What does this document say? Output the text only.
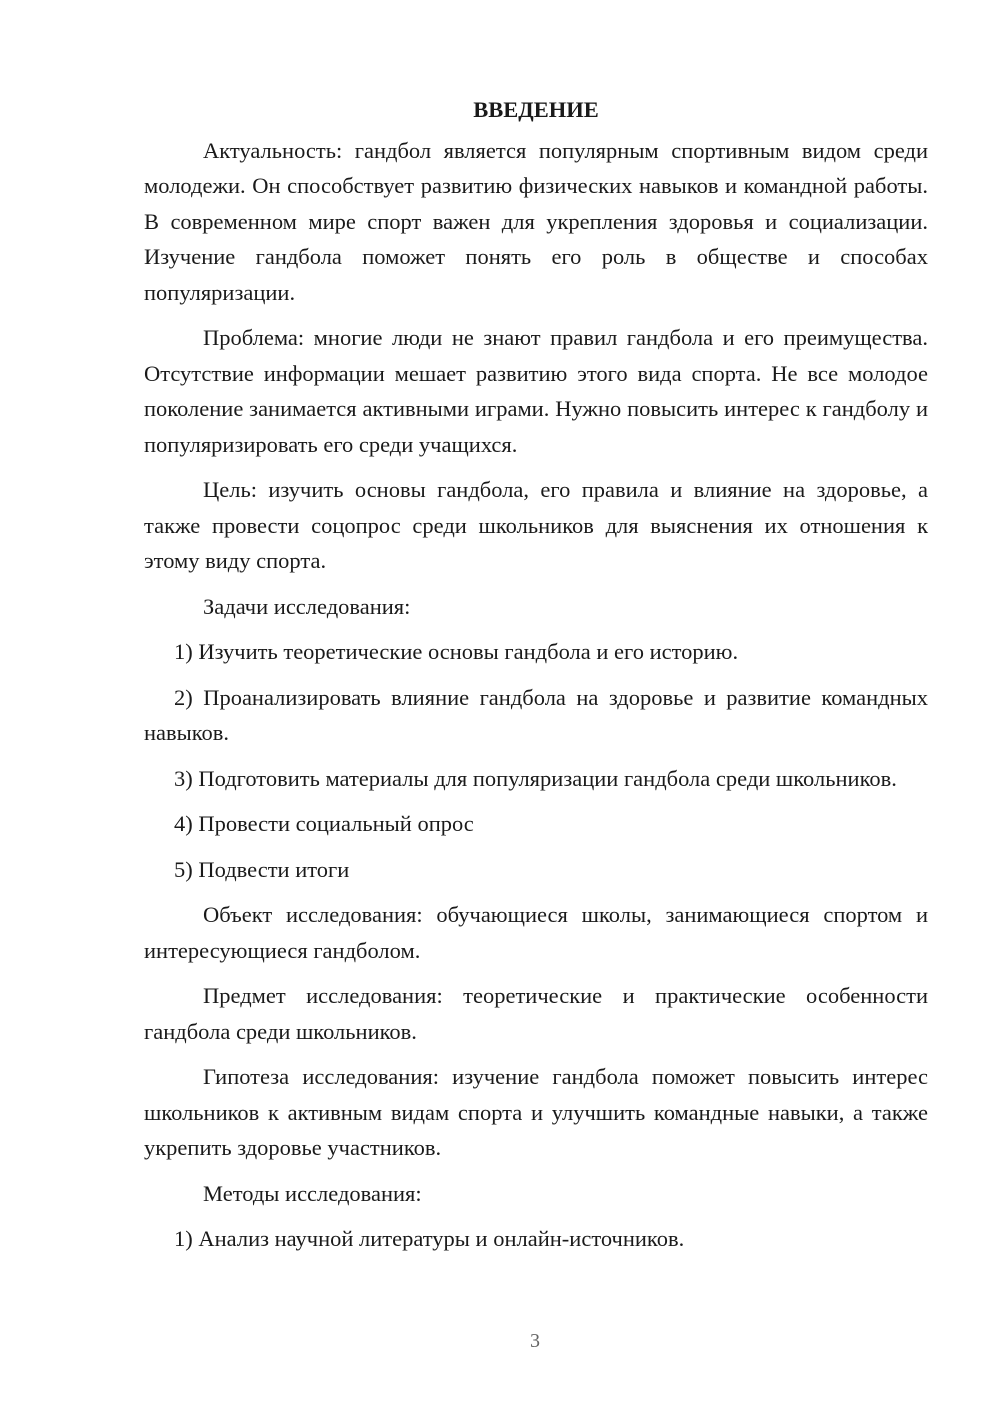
ВВЕДЕНИЕ

Актуальность: гандбол является популярным спортивным видом среди молодежи. Он способствует развитию физических навыков и командной работы. В современном мире спорт важен для укрепления здоровья и социализации. Изучение гандбола поможет понять его роль в обществе и способах популяризации.

Проблема: многие люди не знают правил гандбола и его преимущества. Отсутствие информации мешает развитию этого вида спорта. Не все молодое поколение занимается активными играми. Нужно повысить интерес к гандболу и популяризировать его среди учащихся.

Цель: изучить основы гандбола, его правила и влияние на здоровье, а также провести соцопрос среди школьников для выяснения их отношения к этому виду спорта.

Задачи исследования:

1) Изучить теоретические основы гандбола и его историю.

2) Проанализировать влияние гандбола на здоровье и развитие командных навыков.

3) Подготовить материалы для популяризации гандбола среди школьников.

4) Провести социальный опрос

5) Подвести итоги

Объект исследования: обучающиеся школы, занимающиеся спортом и интересующиеся гандболом.

Предмет исследования: теоретические и практические особенности гандбола среди школьников.

Гипотеза исследования: изучение гандбола поможет повысить интерес школьников к активным видам спорта и улучшить командные навыки, а также укрепить здоровье участников.

Методы исследования:

1) Анализ научной литературы и онлайн-источников.

3
